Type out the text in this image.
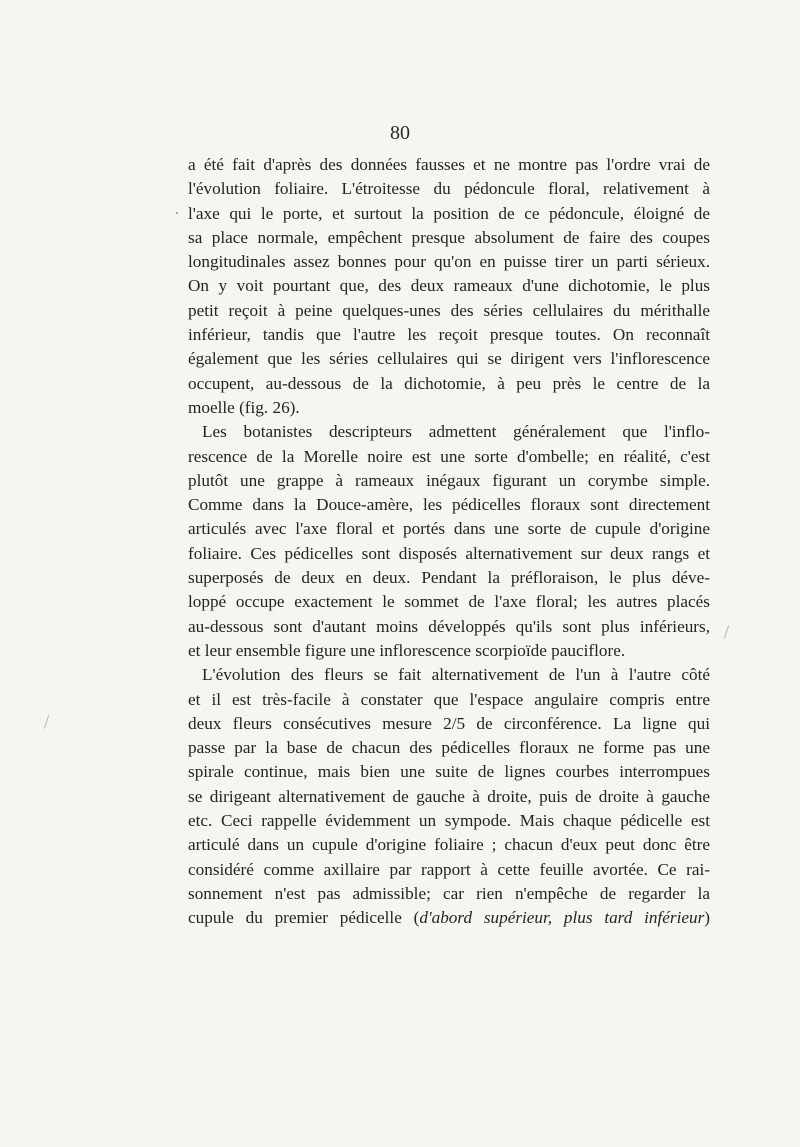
80
a été fait d'après des données fausses et ne montre pas l'ordre vrai de
l'évolution foliaire. L'étroitesse du pédoncule floral, relativement à
l'axe qui le porte, et surtout la position de ce pédoncule, éloigné de
sa place normale, empêchent presque absolument de faire des coupes
longitudinales assez bonnes pour qu'on en puisse tirer un parti sérieux.
On y voit pourtant que, des deux rameaux d'une dichotomie, le plus
petit reçoit à peine quelques-unes des séries cellulaires du mérithalle
inférieur, tandis que l'autre les reçoit presque toutes. On reconnaît
également que les séries cellulaires qui se dirigent vers l'inflorescence
occupent, au-dessous de la dichotomie, à peu près le centre de la
moelle (fig. 26).
Les botanistes descripteurs admettent généralement que l'inflo-
rescence de la Morelle noire est une sorte d'ombelle; en réalité, c'est
plutôt une grappe à rameaux inégaux figurant un corymbe simple.
Comme dans la Douce-amère, les pédicelles floraux sont directement
articulés avec l'axe floral et portés dans une sorte de cupule d'origine
foliaire. Ces pédicelles sont disposés alternativement sur deux rangs et
superposés de deux en deux. Pendant la préfloraison, le plus déve-
loppé occupe exactement le sommet de l'axe floral; les autres placés
au-dessous sont d'autant moins développés qu'ils sont plus inférieurs,
et leur ensemble figure une inflorescence scorpioïde pauciflore.
L'évolution des fleurs se fait alternativement de l'un à l'autre côté
et il est très-facile à constater que l'espace angulaire compris entre
deux fleurs consécutives mesure 2/5 de circonférence. La ligne qui
passe par la base de chacun des pédicelles floraux ne forme pas une
spirale continue, mais bien une suite de lignes courbes interrompues
se dirigeant alternativement de gauche à droite, puis de droite à gauche
etc. Ceci rappelle évidemment un sympode. Mais chaque pédicelle est
articulé dans un cupule d'origine foliaire ; chacun d'eux peut donc être
considéré comme axillaire par rapport à cette feuille avortée. Ce rai-
sonnement n'est pas admissible; car rien n'empêche de regarder la
cupule du premier pédicelle (d'abord supérieur, plus tard inférieur)
